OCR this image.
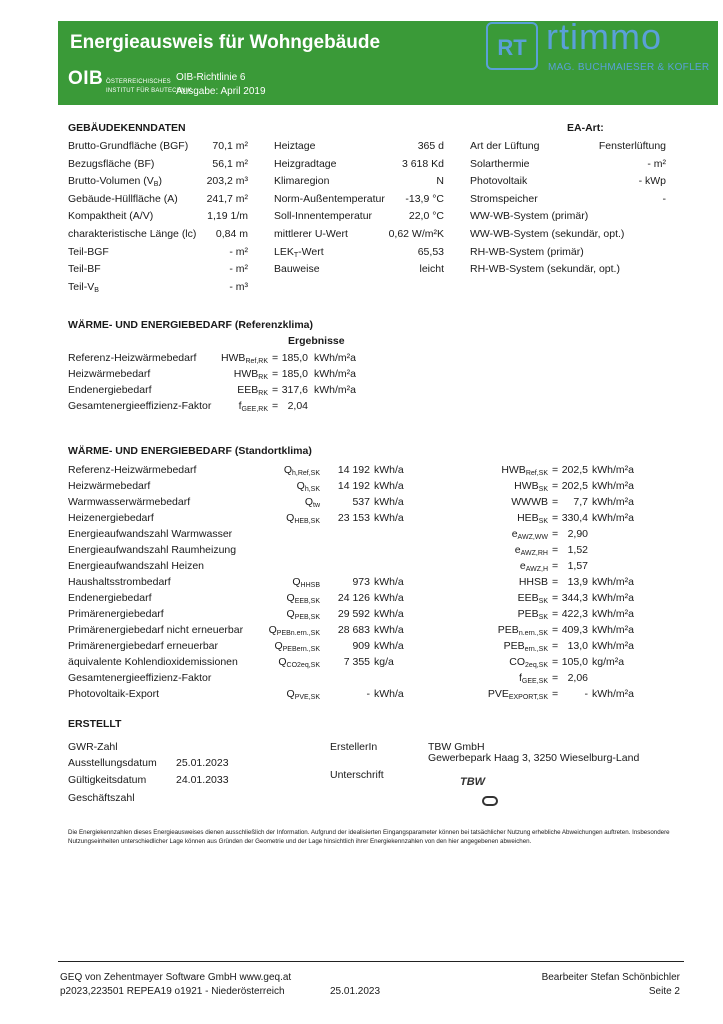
Energieausweis für Wohngebäude
OIB ÖSTERREICHISCHES
INSTITUT FÜR BAUTECHNIK
OIB-Richtlinie 6
Ausgabe: April 2019
RT rtimmo
MAG. BUCHMAIESER & KOFLER
GEBÄUDEKENNDATEN	EA-Art:
Brutto-Grundfläche (BGF)	70,1 m²
Bezugsfläche (BF)	56,1 m²
Brutto-Volumen $(V_B)$	203,2 m³
Gebäude-Hüllfläche (A)	241,7 m²
Kompaktheit (A/V)	1,19 1/m
charakteristische Länge (lc)	0,84 m
Teil-BGF	- m²
Teil-BF	- m²
Teil-$V_B$	- m³
Heiztage	365 d
Heizgradtage	3 618 Kd
Klimaregion	N
Norm-Außentemperatur	-13,9 °C
Soll-Innentemperatur	22,0 °C
mittlerer U-Wert	0,62 W/m²K
$LEK_T$-Wert	65,53
Bauweise	leicht
Art der Lüftung	Fensterlüftung
Solarthermie	- m²
Photovoltaik	- kWp
Stromspeicher	-
WW-WB-System (primär)
WW-WB-System (sekundär, opt.)
RH-WB-System (primär)
RH-WB-System (sekundär, opt.)
WÄRME- UND ENERGIEBEDARF (Referenzklima)
Ergebnisse
Referenz-Heizwärmebedarf	$HWB_{Ref,RK} = 185,0$ kWh/m²a
Heizwärmebedarf	$HWB_{RK} = 185,0$ kWh/m²a
Endenergiebedarf	$EEB_{RK} = 317,6$ kWh/m²a
Gesamtenergieeffizienz-Faktor	$f_{GEE,RK} = 2,04$
WÄRME- UND ENERGIEBEDARF (Standortklima)
Referenz-Heizwärmebedarf	$Q_{h,Ref,SK}$	14 192 kWh/a	$HWB_{Ref,SK} = 202,5$ kWh/m²a
Heizwärmebedarf	$Q_{h,SK}$	14 192 kWh/a	$HWB_{SK} = 202,5$ kWh/m²a
Warmwasserwärmebedarf	$Q_{tw}$	537 kWh/a	WWWB =	7,7 kWh/m²a
Heizenergiebedarf	$Q_{HEB,SK}$	23 153 kWh/a	$HEB_{SK} = 330,4$ kWh/m²a
Energieaufwandszahl Warmwasser	$e_{AWZ,WW} = 2,90$
Energieaufwandszahl Raumheizung	$e_{AWZ,RH} = 1,52$
Energieaufwandszahl Heizen	$e_{AWZ,H} = 1,57$
Haushaltsstrombedarf	$Q_{HHSB}$	973 kWh/a	HHSB = 13,9 kWh/m²a
Endenergiebedarf	$Q_{EEB,SK}$	24 126 kWh/a	$EEB_{SK} = 344,3$ kWh/m²a
Primärenergiebedarf	$Q_{PEB,SK}$	29 592 kWh/a	$PEB_{SK} = 422,3$ kWh/m²a
Primärenergiebedarf nicht erneuerbar	$Q_{PEBn.ern.,SK}$	28 683 kWh/a	$PEB_{n.ern.,SK} = 409,3$ kWh/m²a
Primärenergiebedarf erneuerbar	$Q_{PEBern.,SK}$	909 kWh/a	$PEB_{ern.,SK} = 13,0$ kWh/m²a
äquivalente Kohlendioxidemissionen	$Q_{CO2eq,SK}$	7 355 kg/a	$CO_{2eq,SK} = 105,0$ kg/m²a
Gesamtenergieeffizienz-Faktor	$f_{GEE,SK} = 2,06$
Photovoltaik-Export	$Q_{PVE,SK}$	- kWh/a	$PVE_{EXPORT,SK}$ =	- kWh/m²a
ERSTELLT
GWR-Zahl
Ausstellungsdatum 25.01.2023
Gültigkeitsdatum	24.01.2033
Geschäftszahl
ErstellerIn	TBW GmbH
Gewerbepark Haag 3, 3250 Wieselburg-Land
Unterschrift
TBW
Die Energiekennzahlen dieses Energieausweises dienen ausschließlich der Information. Aufgrund der idealisierten Eingangsparameter können bei tatsächlicher Nutzung erhebliche Abweichungen auftreten. Insbesondere Nutzungseinheiten unterschiedlicher Lage können aus Gründen der Geometrie und der Lage hinsichtlich ihrer Energiekennzahlen von den hier angegebenen abweichen.
GEQ von Zehentmayer Software GmbH www.geq.at
p2023,223501 REPEA19 o1921 - Niederösterreich	25.01.2023
Bearbeiter Stefan Schönbichler
Seite 2
